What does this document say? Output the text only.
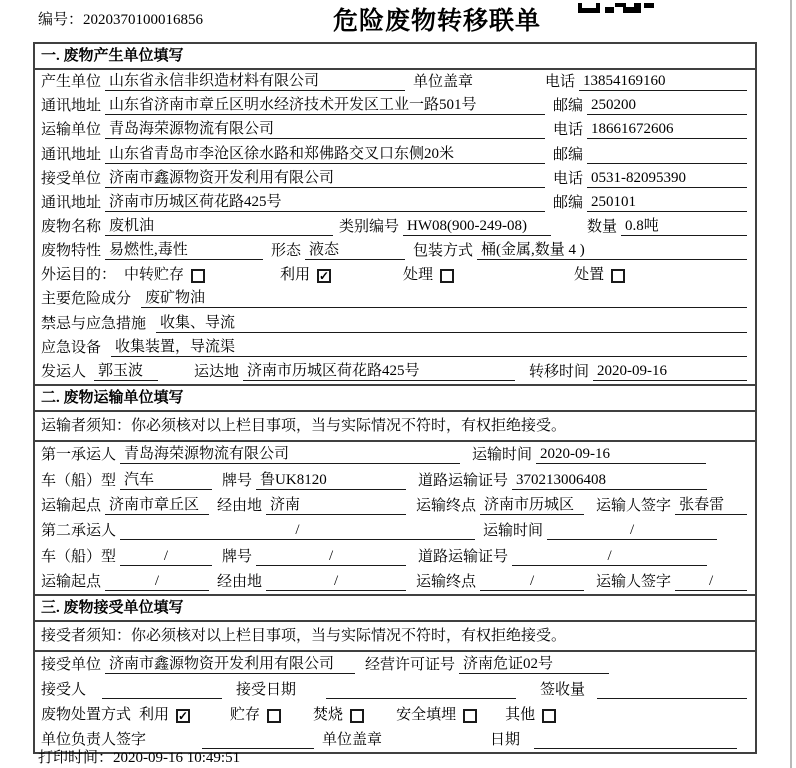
编号：2020370100016856	危险废物转移联单
一. 废物产生单位填写
产生单位 山东省永信非织造材料有限公司	单位盖章	电话 13854169160
通讯地址 山东省济南市章丘区明水经济技术开发区工业一路501号	邮编 250200
运输单位 青岛海荣源物流有限公司	电话 18661672606
通讯地址 山东省青岛市李沧区徐水路和郑佛路交叉口东侧20米	邮编
接受单位 济南市鑫源物资开发利用有限公司	电话 0531-82095390
通讯地址 济南市历城区荷花路425号	邮编 250101
废物名称 废机油	类别编号 HW08(900-249-08)	数量 0.8吨
废物特性 易燃性,毒性	形态 液态	包装方式 桶(金属,数量 4 )
外运目的： 中转贮存	利用 ✓	处理	处置
主要危险成分 废矿物油
禁忌与应急措施 收集、导流
应急设备 收集装置，导流渠
发运人 郭玉波	运达地 济南市历城区荷花路425号	转移时间 2020-09-16
二. 废物运输单位填写
运输者须知：你必须核对以上栏目事项，当与实际情况不符时，有权拒绝接受。
第一承运人 青岛海荣源物流有限公司	运输时间 2020-09-16
车（船）型 汽车	牌号 鲁UK8120	道路运输证号 370213006408
运输起点 济南市章丘区	经由地 济南	运输终点 济南市历城区	运输人签字 张春雷
第二承运人	/	运输时间	/
车（船）型	/	牌号	/	道路运输证号	/
运输起点	/	经由地	/	运输终点	/	运输人签字	/
三. 废物接受单位填写
接受者须知：你必须核对以上栏目事项，当与实际情况不符时，有权拒绝接受。
接受单位 济南市鑫源物资开发利用有限公司	经营许可证号 济南危证02号
接受人	接受日期	签收量
废物处置方式 利用 ✓	贮存	焚烧	安全填埋	其他
单位负责人签字	单位盖章	日期
打印时间：2020-09-16 10:49:51
